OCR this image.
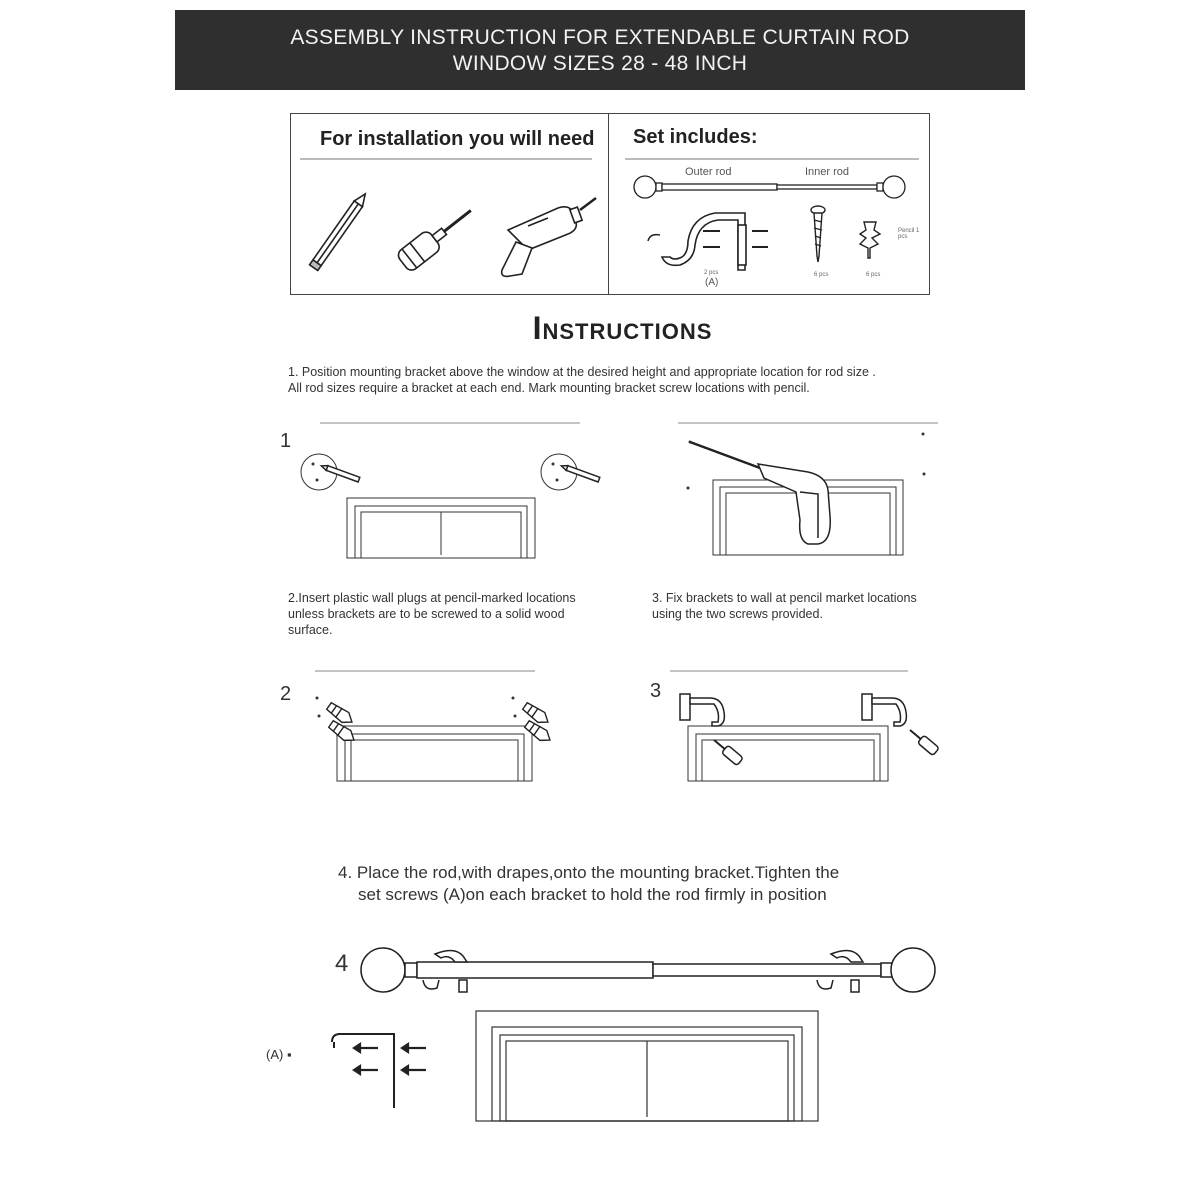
ASSEMBLY INSTRUCTION FOR EXTENDABLE CURTAIN ROD
WINDOW SIZES 28 - 48 INCH
For installation you will need Set includes:
Outer rod	Inner rod
2 pcs
(A)
6 pcs	6 pcs
Pencil 1 pcs
Instructions
1. Position mounting bracket above the window at the desired height and appropriate location for rod size .
All rod sizes require a bracket at each end. Mark mounting bracket screw locations with pencil.
1
2.Insert plastic wall plugs at pencil-marked locations
unless brackets are to be screwed to a solid wood
surface.
3. Fix brackets to wall at pencil market locations
using the two screws provided.
2	3
4. Place the rod,with drapes,onto the mounting bracket.Tighten the
set screws (A)on each bracket to hold the rod firmly in position
4
(A) ▪
